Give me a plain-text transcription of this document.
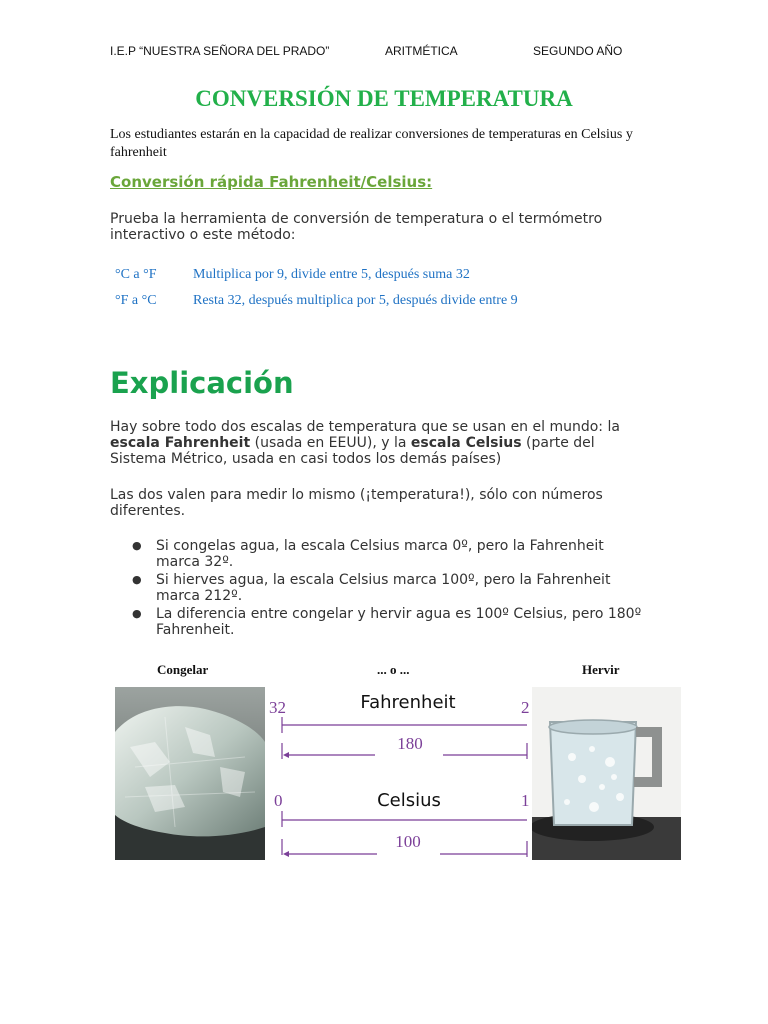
I.E.P “NUESTRA SEÑORA DEL PRADO”	ARITMÉTICA	SEGUNDO AÑO
CONVERSIÓN DE TEMPERATURA
Los estudiantes estarán en la capacidad de realizar conversiones de temperaturas en Celsius y fahrenheit
Conversión rápida Fahrenheit/Celsius:
Prueba la herramienta de conversión de temperatura o el termómetro interactivo o este método:
°C a °F	Multiplica por 9, divide entre 5, después suma 32
°F a °C	Resta 32, después multiplica por 5, después divide entre 9
Explicación
Hay sobre todo dos escalas de temperatura que se usan en el mundo: la escala Fahrenheit (usada en EEUU), y la escala Celsius (parte del Sistema Métrico, usada en casi todos los demás países)
Las dos valen para medir lo mismo (¡temperatura!), sólo con números diferentes.
● Si congelas agua, la escala Celsius marca 0º, pero la Fahrenheit marca 32º.
● Si hierves agua, la escala Celsius marca 100º, pero la Fahrenheit marca 212º.
● La diferencia entre congelar y hervir agua es 100º Celsius, pero 180º Fahrenheit.
Congelar	... o ...	Hervir
32	Fahrenheit	2
180
0	Celsius	1
100
